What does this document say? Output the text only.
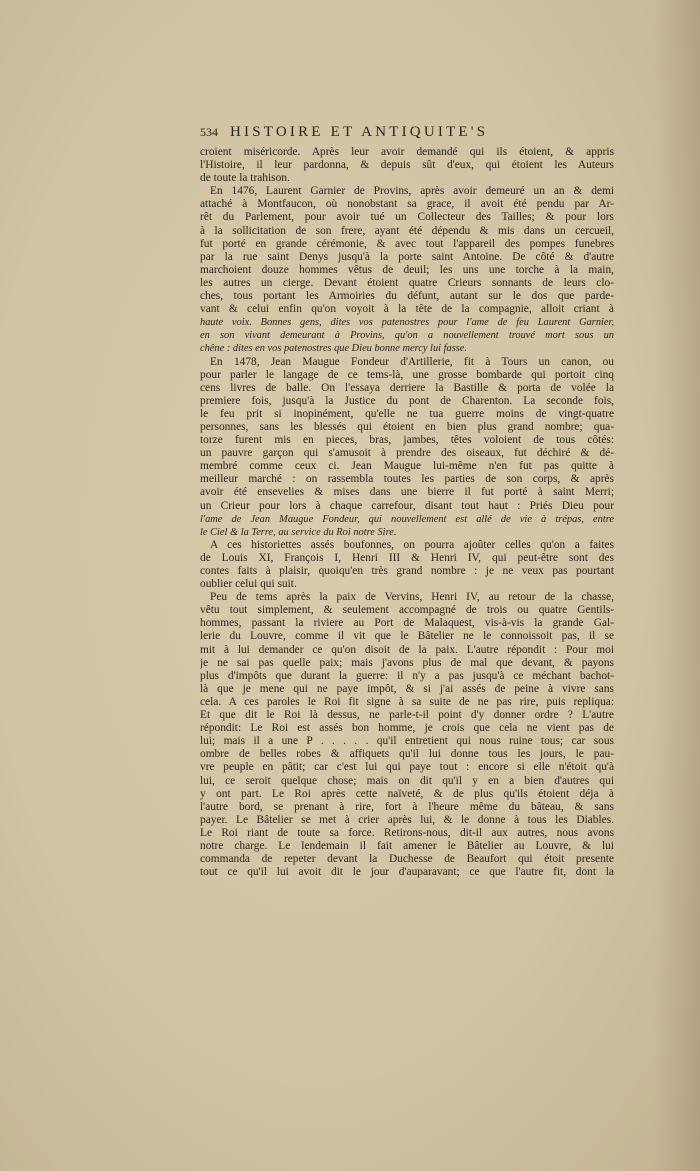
534 HISTOIRE ET ANTIQUITE'S
croient miséricorde. Après leur avoir demandé qui ils étoient, & appris
l'Histoire, il leur pardonna, & depuis sût d'eux, qui étoient les Auteurs
de toute la trahison.
En 1476, Laurent Garnier de Provins, après avoir demeuré un an & demi
attaché à Montfaucon, où nonobstant sa grace, il avoit été pendu par Ar-
rêt du Parlement, pour avoir tué un Collecteur des Tailles; & pour lors
à la sollicitation de son frere, ayant été dépendu & mis dans un cercueil,
fut porté en grande cérémonie, & avec tout l'appareil des pompes funebres
par la rue saint Denys jusqu'à la porte saint Antoine. De côté & d'autre
marchoient douze hommes vêtus de deuil; les uns une torche à la main,
les autres un cierge. Devant étoient quatre Crieurs sonnants de leurs clo-
ches, tous portant les Armoiries du défunt, autant sur le dos que parde-
vant & celui enfin qu'on voyoit à la tête de la compagnie, alloit criant à
haute voix. Bonnes gens, dites vos patenostres pour l'ame de feu Laurent Garnier,
en son vivant demeurant à Provins, qu'on a nouvellement trouvé mort sous un
chêne : dites en vos patenostres que Dieu bonne mercy lui fasse.
En 1478, Jean Maugue Fondeur d'Artillerie, fit à Tours un canon, ou
pour parler le langage de ce tems-là, une grosse bombarde qui portoit cinq
cens livres de balle. On l'essaya derriere la Bastille & porta de volée la
premiere fois, jusqu'à la Justice du pont de Charenton. La seconde fois,
le feu prit si inopinément, qu'elle ne tua guerre moins de vingt-quatre
personnes, sans les blessés qui étoient en bien plus grand nombre; qua-
torze furent mis en pieces, bras, jambes, têtes voloient de tous côtés:
un pauvre garçon qui s'amusoit à prendre des oiseaux, fut déchiré & dé-
membré comme ceux ci. Jean Maugue lui-même n'en fut pas quitte à
meilleur marché : on rassembla toutes les parties de son corps, & après
avoir été ensevelies & mises dans une bierre il fut porté à saint Merri;
un Crieur pour lors à chaque carrefour, disant tout haut : Priés Dieu pour
l'ame de Jean Maugue Fondeur, qui nouvellement est allé de vie à trépas, entre
le Ciel & la Terre, au service du Roi notre Sire.
A ces historiettes assés boufonnes, on pourra ajoûter celles qu'on a faites
de Louis XI, François I, Henri III & Henri IV, qui peut-être sont des
contes faits à plaisir, quoiqu'en très grand nombre : je ne veux pas pourtant
oublier celui qui suit.
Peu de tems après la paix de Vervins, Henri IV, au retour de la chasse,
vêtu tout simplement, & seulement accompagné de trois ou quatre Gentils-
hommes, passant la riviere au Port de Malaquest, vis-à-vis la grande Gal-
lerie du Louvre, comme il vit que le Bâtelier ne le connoissoit pas, il se
mit à lui demander ce qu'on disoit de la paix. L'autre répondit : Pour moi
je ne sai pas quelle paix; mais j'avons plus de mal que devant, & payons
plus d'impôts que durant la guerre: il n'y a pas jusqu'à ce méchant bachot-
là que je mene qui ne paye impôt, & si j'ai assés de peine à vivre sans
cela. A ces paroles le Roi fit signe à sa suite de ne pas rire, puis repliqua:
Et que dit le Roi là dessus, ne parle-t-il point d'y donner ordre ? L'autre
répondit: Le Roi est assés bon homme, je crois que cela ne vient pas de
lui; mais il a une P . . . . . qu'il entretient qui nous ruine tous; car sous
ombre de belles robes & affiquets qu'il lui donne tous les jours, le pau-
vre peuple en pâtit; car c'est lui qui paye tout : encore si elle n'étoit qu'à
lui, ce seroit quelque chose; mais on dit qu'il y en a bien d'autres qui
y ont part. Le Roi après cette naïveté, & de plus qu'ils étoient déja à
l'autre bord, se prenant à rire, fort à l'heure même du bâteau, & sans
payer. Le Bâtelier se met à crier après lui, & le donne à tous les Diables.
Le Roi riant de toute sa force. Retirons-nous, dit-il aux autres, nous avons
notre charge. Le lendemain il fait amener le Bâtelier au Louvre, & lui
commanda de repeter devant la Duchesse de Beaufort qui étoit presente
tout ce qu'il lui avoit dit le jour d'auparavant; ce que l'autre fit, dont la
